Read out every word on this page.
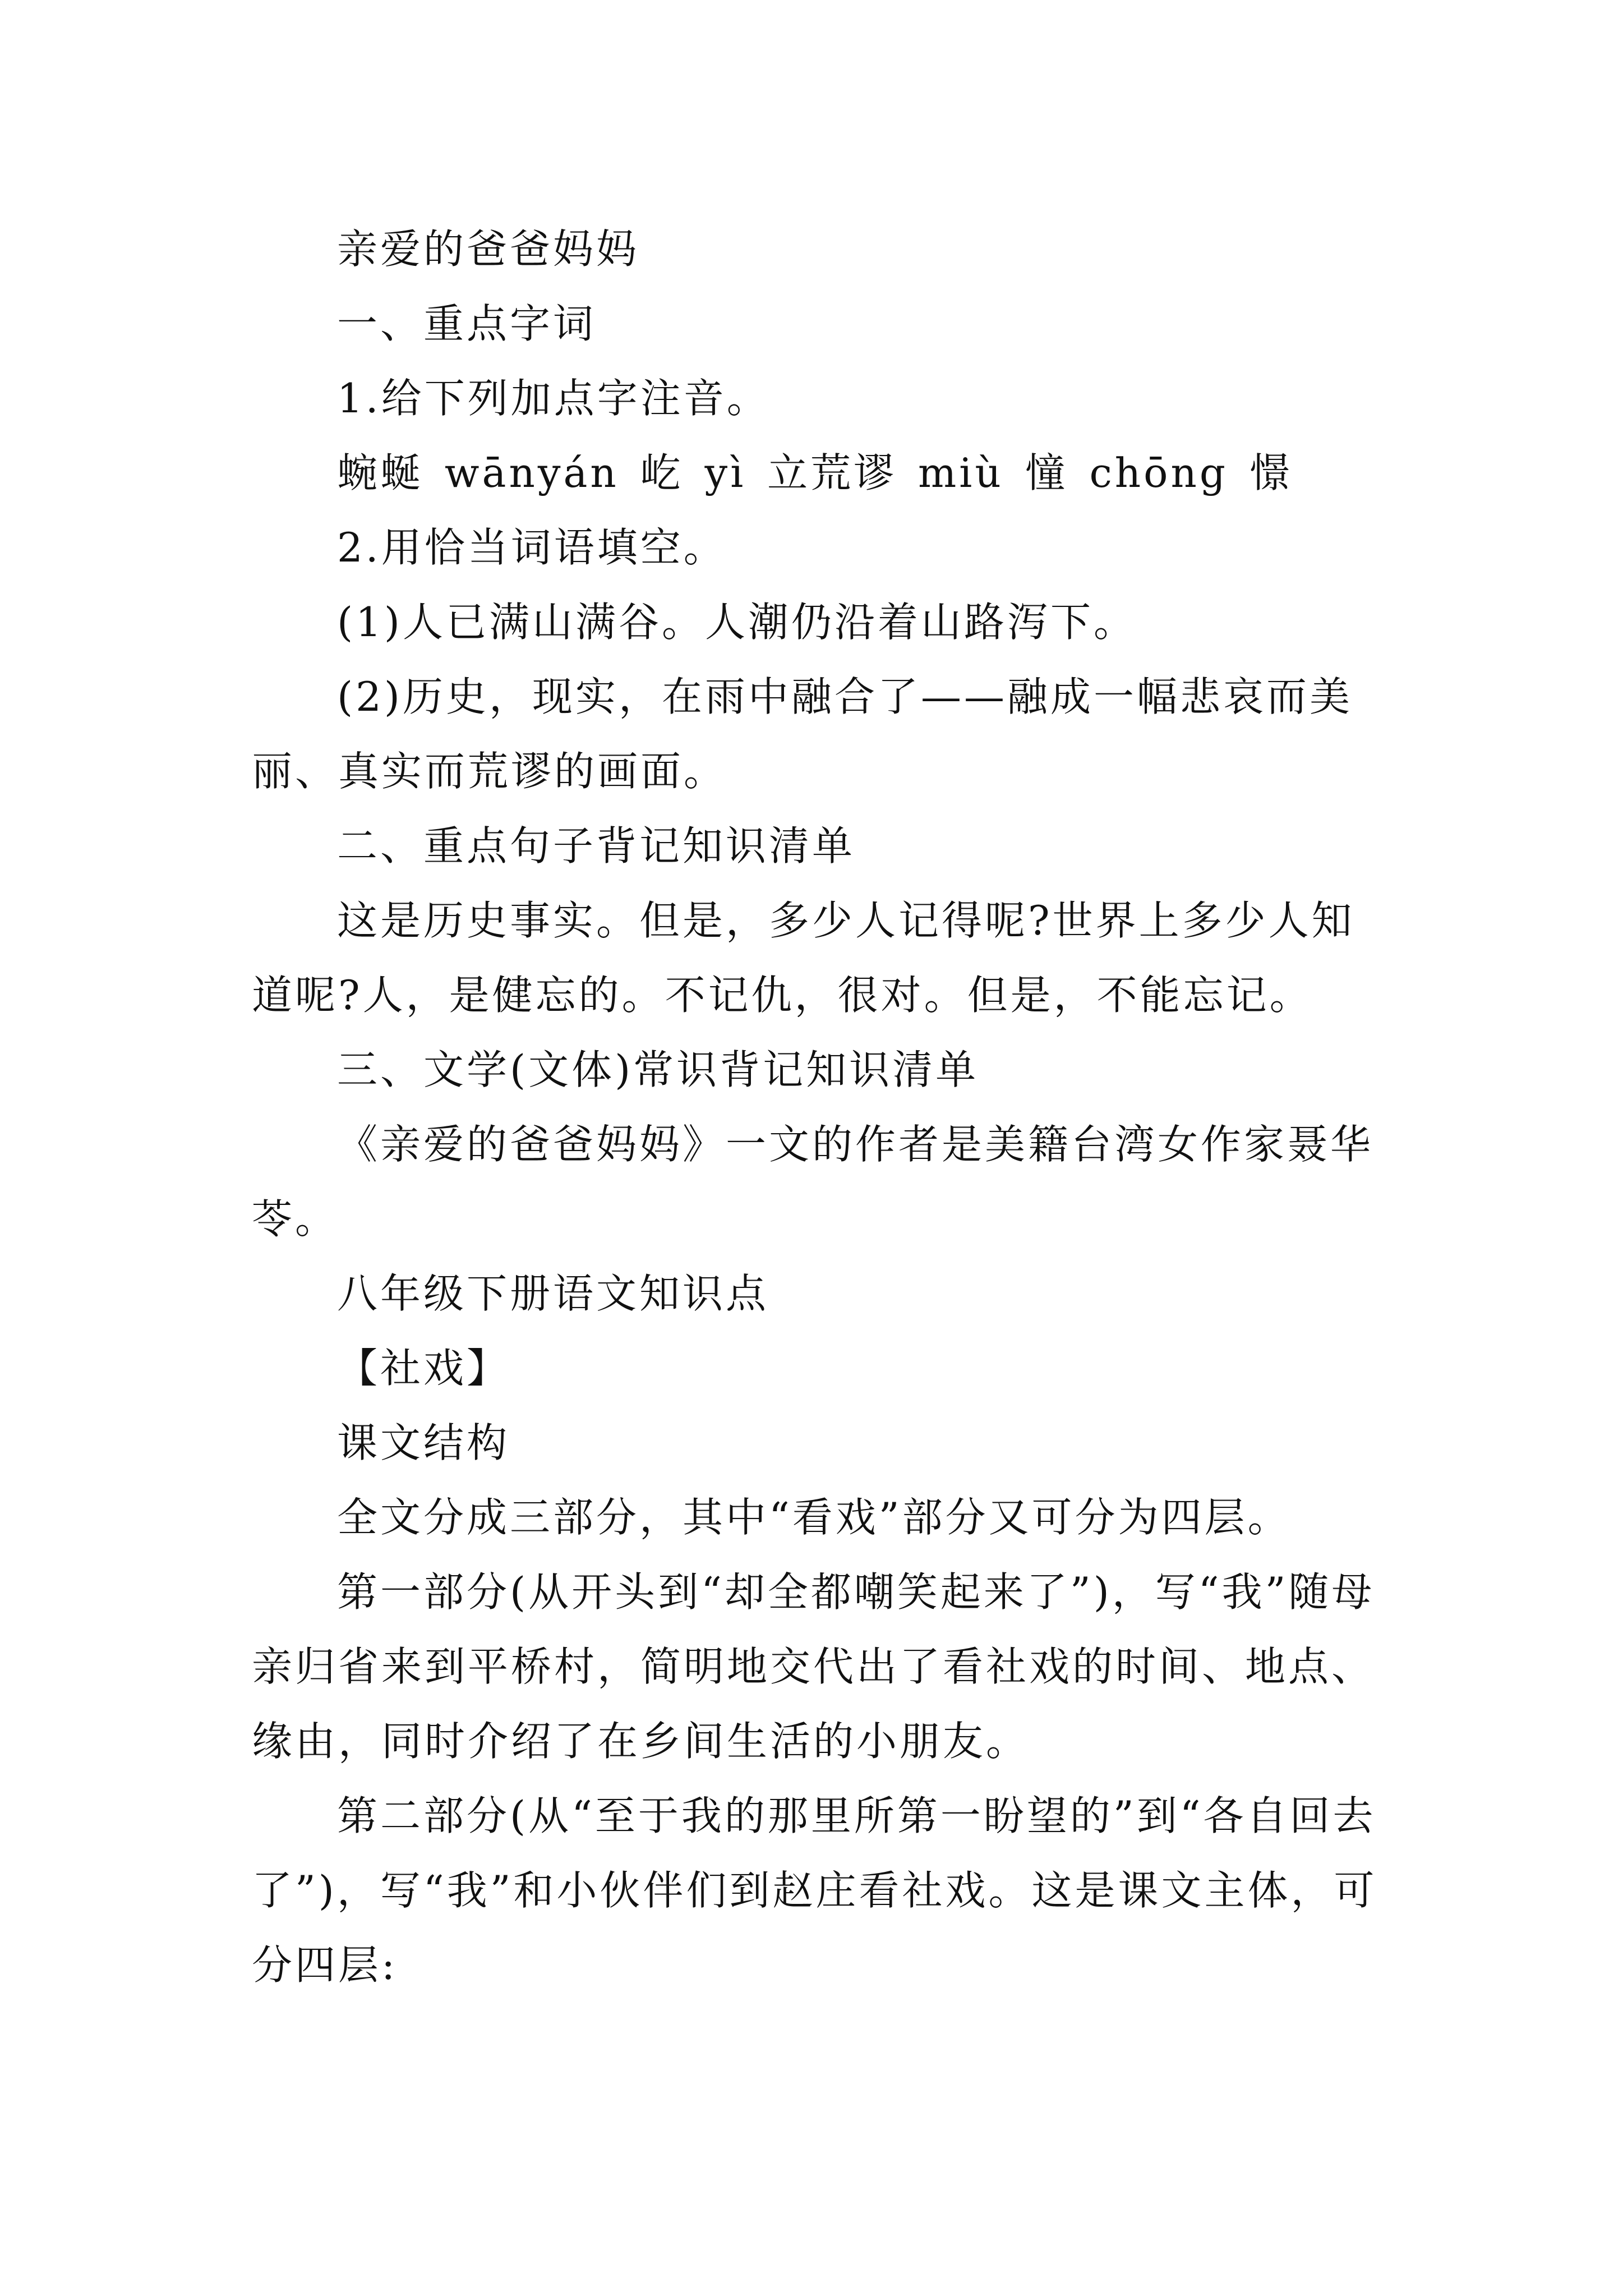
亲爱的爸爸妈妈

一、重点字词

1.给下列加点字注音。

蜿蜒 wānyán 屹 yì 立荒谬 miù 憧 chōng 憬

2.用恰当词语填空。

(1)人已满山满谷。人潮仍沿着山路泻下。

(2)历史，现实，在雨中融合了——融成一幅悲哀而美丽、真实而荒谬的画面。

二、重点句子背记知识清单

这是历史事实。但是，多少人记得呢?世界上多少人知道呢?人，是健忘的。不记仇，很对。但是，不能忘记。

三、文学(文体)常识背记知识清单

《亲爱的爸爸妈妈》一文的作者是美籍台湾女作家聂华苓。

八年级下册语文知识点

【社戏】

课文结构

全文分成三部分，其中“看戏”部分又可分为四层。

第一部分(从开头到“却全都嘲笑起来了”)，写“我”随母亲归省来到平桥村，简明地交代出了看社戏的时间、地点、缘由，同时介绍了在乡间生活的小朋友。

第二部分(从“至于我的那里所第一盼望的”到“各自回去了”)，写“我”和小伙伴们到赵庄看社戏。这是课文主体，可分四层:
